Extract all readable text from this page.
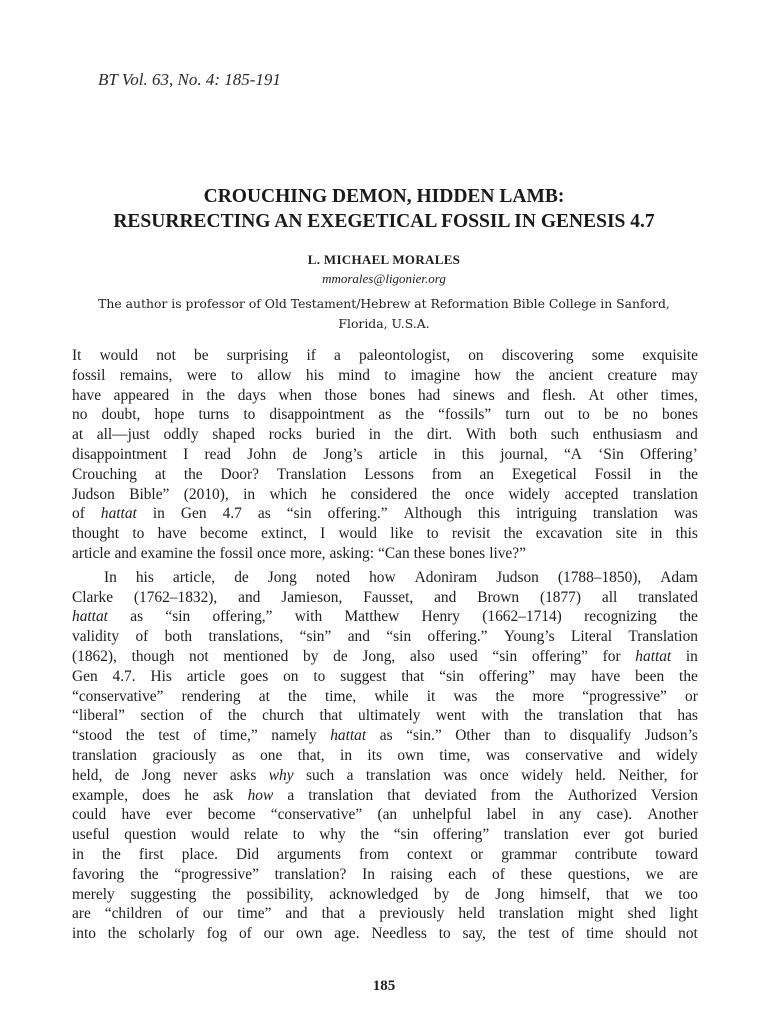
BT Vol. 63, No. 4: 185-191
CROUCHING DEMON, HIDDEN LAMB:
RESURRECTING AN EXEGETICAL FOSSIL IN GENESIS 4.7
L. MICHAEL MORALES
mmorales@ligonier.org
The author is professor of Old Testament/Hebrew at Reformation Bible College in Sanford,
Florida, U.S.A.
It would not be surprising if a paleontologist, on discovering some exquisite
fossil remains, were to allow his mind to imagine how the ancient creature may
have appeared in the days when those bones had sinews and flesh. At other times,
no doubt, hope turns to disappointment as the “fossils” turn out to be no bones
at all—just oddly shaped rocks buried in the dirt. With both such enthusiasm and
disappointment I read John de Jong’s article in this journal, “A ‘Sin Offering’
Crouching at the Door? Translation Lessons from an Exegetical Fossil in the
Judson Bible” (2010), in which he considered the once widely accepted translation
of hattat in Gen 4.7 as “sin offering.” Although this intriguing translation was
thought to have become extinct, I would like to revisit the excavation site in this
article and examine the fossil once more, asking: “Can these bones live?”
In his article, de Jong noted how Adoniram Judson (1788–1850), Adam
Clarke (1762–1832), and Jamieson, Fausset, and Brown (1877) all translated
hattat as “sin offering,” with Matthew Henry (1662–1714) recognizing the
validity of both translations, “sin” and “sin offering.” Young’s Literal Translation
(1862), though not mentioned by de Jong, also used “sin offering” for hattat in
Gen 4.7. His article goes on to suggest that “sin offering” may have been the
“conservative” rendering at the time, while it was the more “progressive” or
“liberal” section of the church that ultimately went with the translation that has
“stood the test of time,” namely hattat as “sin.” Other than to disqualify Judson’s
translation graciously as one that, in its own time, was conservative and widely
held, de Jong never asks why such a translation was once widely held. Neither, for
example, does he ask how a translation that deviated from the Authorized Version
could have ever become “conservative” (an unhelpful label in any case). Another
useful question would relate to why the “sin offering” translation ever got buried
in the first place. Did arguments from context or grammar contribute toward
favoring the “progressive” translation? In raising each of these questions, we are
merely suggesting the possibility, acknowledged by de Jong himself, that we too
are “children of our time” and that a previously held translation might shed light
into the scholarly fog of our own age. Needless to say, the test of time should not
185
